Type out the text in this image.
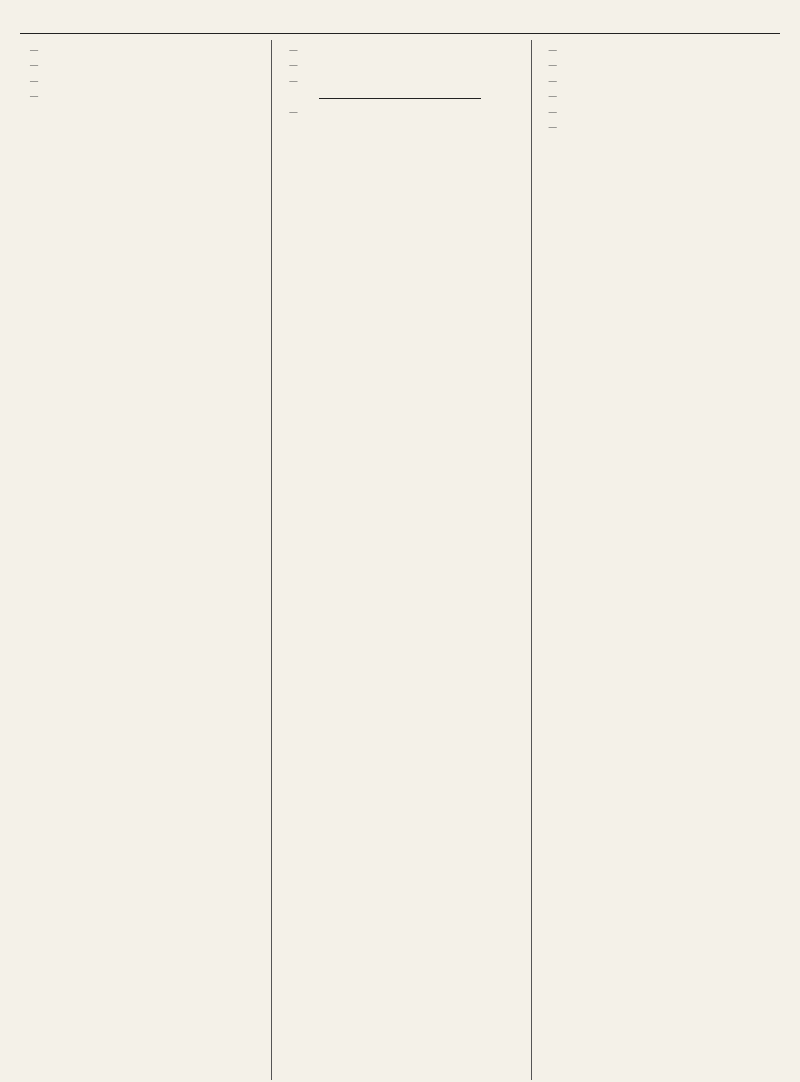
—

—

—

—

—

—

—

—

—

—

—

—

—

—
